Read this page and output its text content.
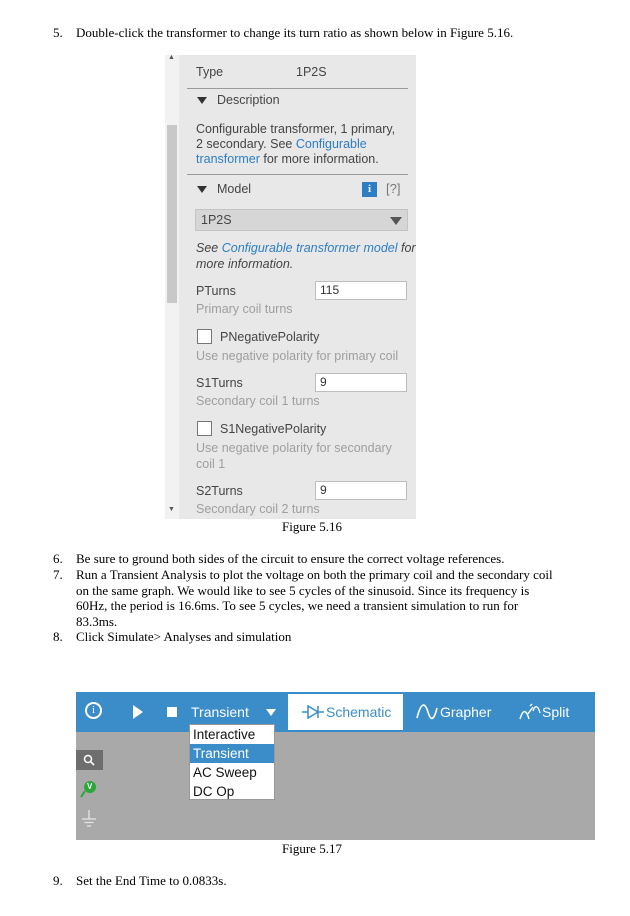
5. Double-click the transformer to change its turn ratio as shown below in Figure 5.16.
▲
▼
Type	1P2S
Description
Configurable transformer, 1 primary,
2 secondary. See Configurable
transformer for more information.
Model	i	[?]
1P2S
See Configurable transformer model for
more information.
PTurns	115
Primary coil turns
PNegativePolarity
Use negative polarity for primary coil
S1Turns	9
Secondary coil 1 turns
S1NegativePolarity
Use negative polarity for secondary
coil 1
S2Turns	9
Secondary coil 2 turns
Figure 5.16
6. Be sure to ground both sides of the circuit to ensure the correct voltage references.
7. Run a Transient Analysis to plot the voltage on both the primary coil and the secondary coil on the same graph. We would like to see 5 cycles of the sinusoid. Since its frequency is 60Hz, the period is 16.6ms. To see 5 cycles, we need a transient simulation to run for 83.3ms.
8. Click Simulate> Analyses and simulation
i	Transient	Schematic	Grapher	Split
V
Interactive
Transient
AC Sweep
DC Op
Figure 5.17
9. Set the End Time to 0.0833s.
